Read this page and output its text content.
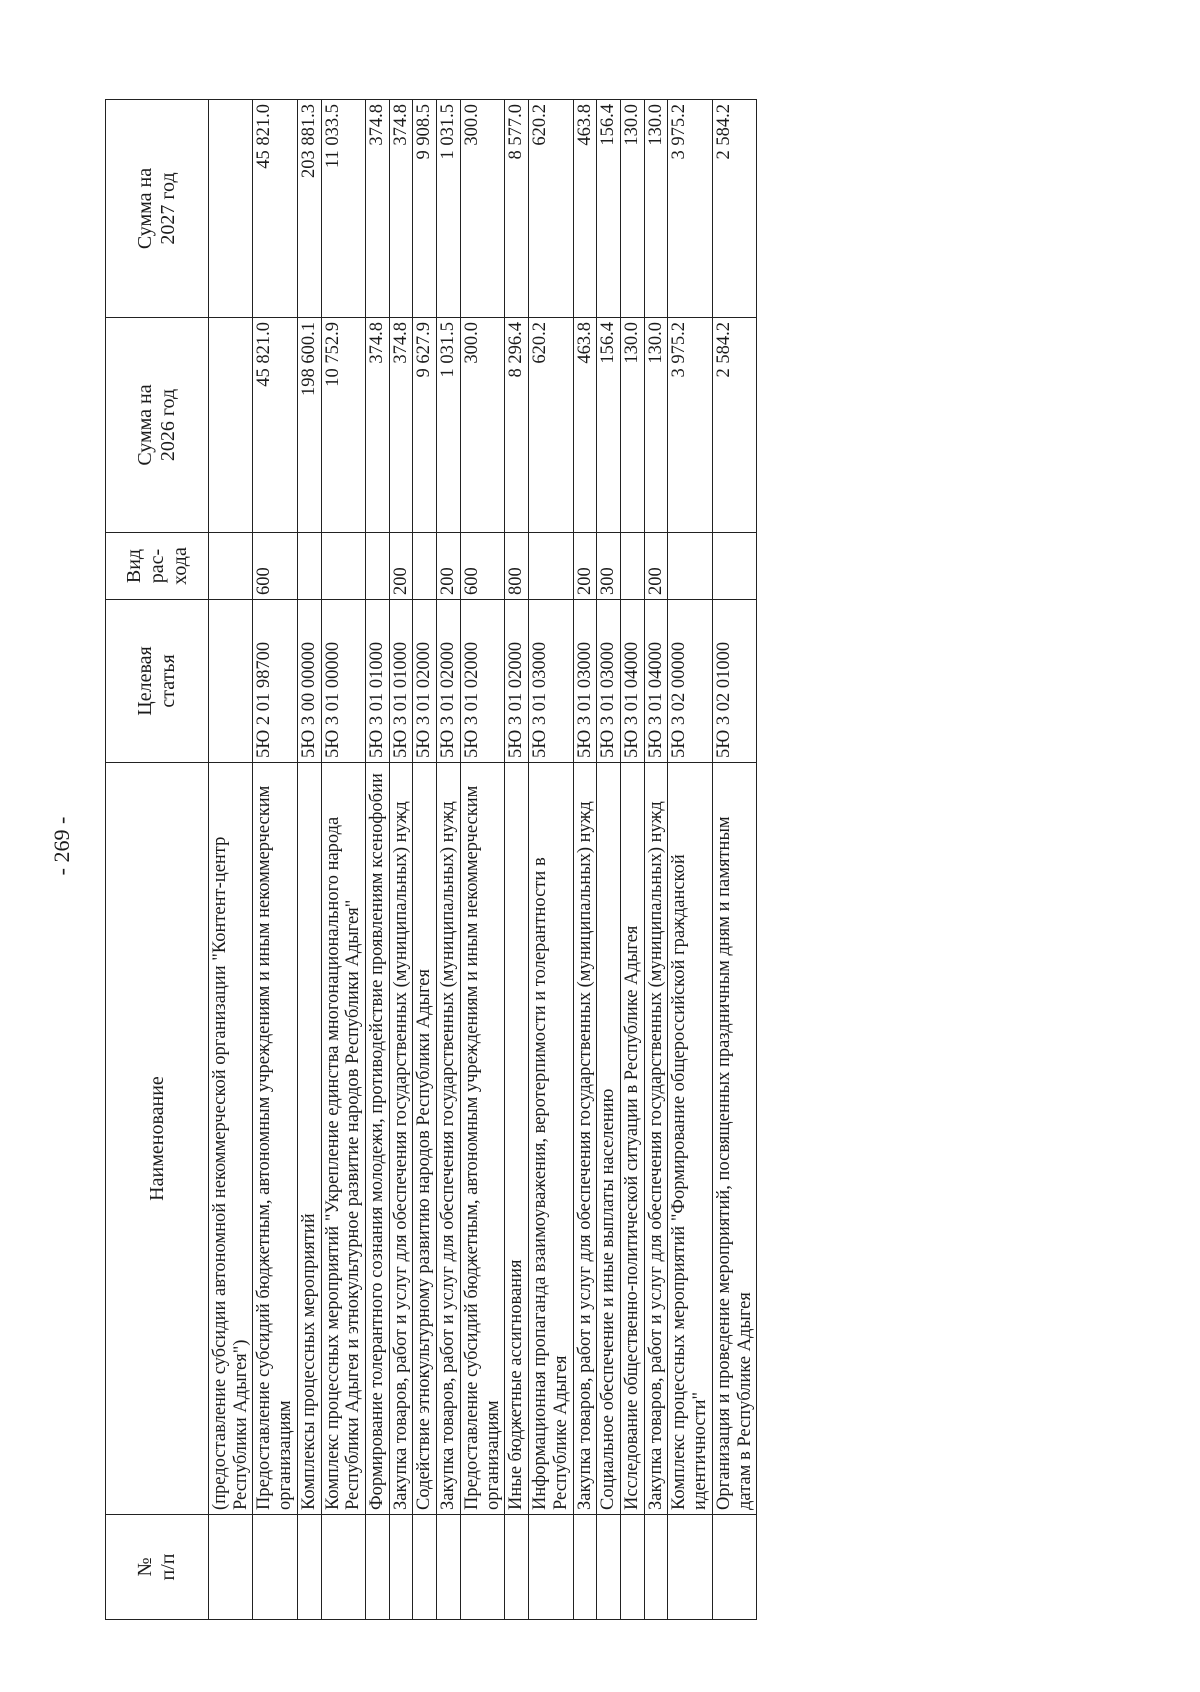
- 269 -
№ п/п	Наименование	Целевая статья	Вид рас- хода	Сумма на 2026 год	Сумма на 2027 год

	(предоставление субсидии автономной некоммерческой организации "Контент-центр Республики Адыгея")				
	Предоставление субсидий бюджетным, автономным учреждениям и иным некоммерческим организациям	5Ю 2 01 98700	600	45 821.0	45 821.0
	Комплексы процессных мероприятий	5Ю 3 00 00000		198 600.1	203 881.3
	Комплекс процессных мероприятий "Укрепление единства многонационального народа Республики Адыгея и этнокультурное развитие народов Республики Адыгея"	5Ю 3 01 00000		10 752.9	11 033.5
	Формирование толерантного сознания молодежи, противодействие проявлениям ксенофобии	5Ю 3 01 01000		374.8	374.8
	Закупка товаров, работ и услуг для обеспечения государственных (муниципальных) нужд	5Ю 3 01 01000	200	374.8	374.8
	Содействие этнокультурному развитию народов Республики Адыгея	5Ю 3 01 02000		9 627.9	9 908.5
	Закупка товаров, работ и услуг для обеспечения государственных (муниципальных) нужд	5Ю 3 01 02000	200	1 031.5	1 031.5
	Предоставление субсидий бюджетным, автономным учреждениям и иным некоммерческим организациям	5Ю 3 01 02000	600	300.0	300.0
	Иные бюджетные ассигнования	5Ю 3 01 02000	800	8 296.4	8 577.0
	Информационная пропаганда взаимоуважения, веротерпимости и толерантности в Республике Адыгея	5Ю 3 01 03000		620.2	620.2
	Закупка товаров, работ и услуг для обеспечения государственных (муниципальных) нужд	5Ю 3 01 03000	200	463.8	463.8
	Социальное обеспечение и иные выплаты населению	5Ю 3 01 03000	300	156.4	156.4
	Исследование общественно-политической ситуации в Республике Адыгея	5Ю 3 01 04000		130.0	130.0
	Закупка товаров, работ и услуг для обеспечения государственных (муниципальных) нужд	5Ю 3 01 04000	200	130.0	130.0
	Комплекс процессных мероприятий "Формирование общероссийской гражданской идентичности"	5Ю 3 02 00000		3 975.2	3 975.2
	Организация и проведение мероприятий, посвященных праздничным дням и памятным датам в Республике Адыгея	5Ю 3 02 01000		2 584.2	2 584.2
